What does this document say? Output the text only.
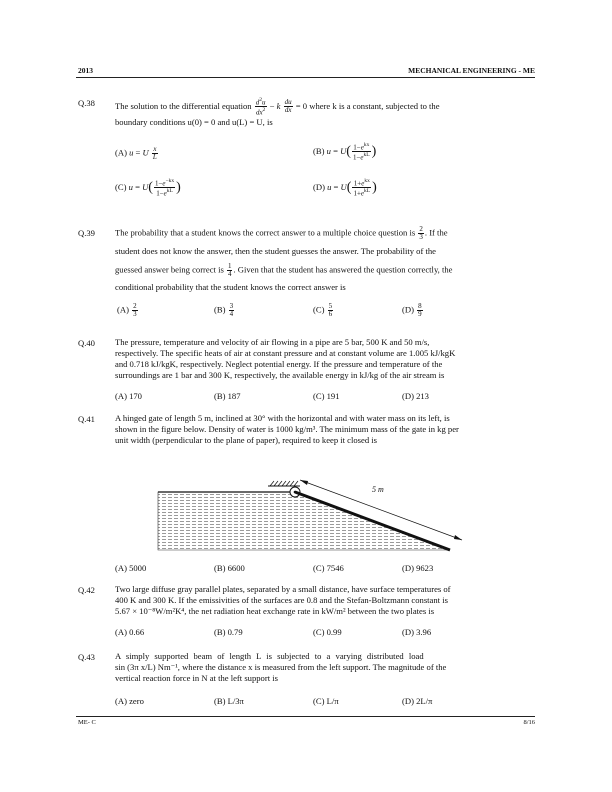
2013	MECHANICAL ENGINEERING - ME
Q.38 The solution to the differential equation $\frac{d^2u}{dx^2} - k \frac{du}{dx} = 0$ where k is a constant, subjected to the
boundary conditions u(0) = 0 and u(L) = U, is
(A) u = U $\frac{x}{L}$	(B) $u = U( \frac{1-e^{kx}}{1-e^{kL}}$ )
(C) $u = U( \frac{1-e^{-kx}}{1-e^{kL}}$ )	(D) $u = U( \frac{1+e^{kx}}{1+e^{kL}}$ )
Q.39 The probability that a student knows the correct answer to a multiple choice question is $\frac{2}{3}$ . If the
student does not know the answer, then the student guesses the answer. The probability of the
guessed answer being correct is $\frac{1}{4}$ . Given that the student has answered the question correctly, the
conditional probability that the student knows the correct answer is
$(A) \frac{2}{3}$	$(B) \frac{3}{4}$	$(C) \frac{5}{6}$	$(D) \frac{8}{9}$
Q.40 The pressure, temperature and velocity of air flowing in a pipe are 5 bar, 500 K and 50 m/s,
respectively. The specific heats of air at constant pressure and at constant volume are 1.005 kJ/kgK
and 0.718 kJ/kgK, respectively. Neglect potential energy. If the pressure and temperature of the
surroundings are 1 bar and 300 K, respectively, the available energy in kJ/kg of the air stream is
(A) 170	(B) 187	(C) 191	(D) 213
Q.41 A hinged gate of length 5 m, inclined at 30° with the horizontal and with water mass on its left, is
shown in the figure below. Density of water is 1000 kg/m³. The minimum mass of the gate in kg per
unit width (perpendicular to the plane of paper), required to keep it closed is
5 m
(A) 5000	(B) 6600	(C) 7546	(D) 9623
Q.42 Two large diffuse gray parallel plates, separated by a small distance, have surface temperatures of
400 K and 300 K. If the emissivities of the surfaces are 0.8 and the Stefan-Boltzmann constant is
5.67 × 10⁻⁸W/m²K⁴, the net radiation heat exchange rate in kW/m² between the two plates is
(A) 0.66	(B) 0.79	(C) 0.99	(D) 3.96
Q.43 A simply supported beam of length L is subjected to a varying distributed load
sin (3π x/L) Nm⁻¹, where the distance x is measured from the left support. The magnitude of the
vertical reaction force in N at the left support is
(A) zero	(B) L/3π	(C) L/π	(D) 2L/π
ME- C	8/16
